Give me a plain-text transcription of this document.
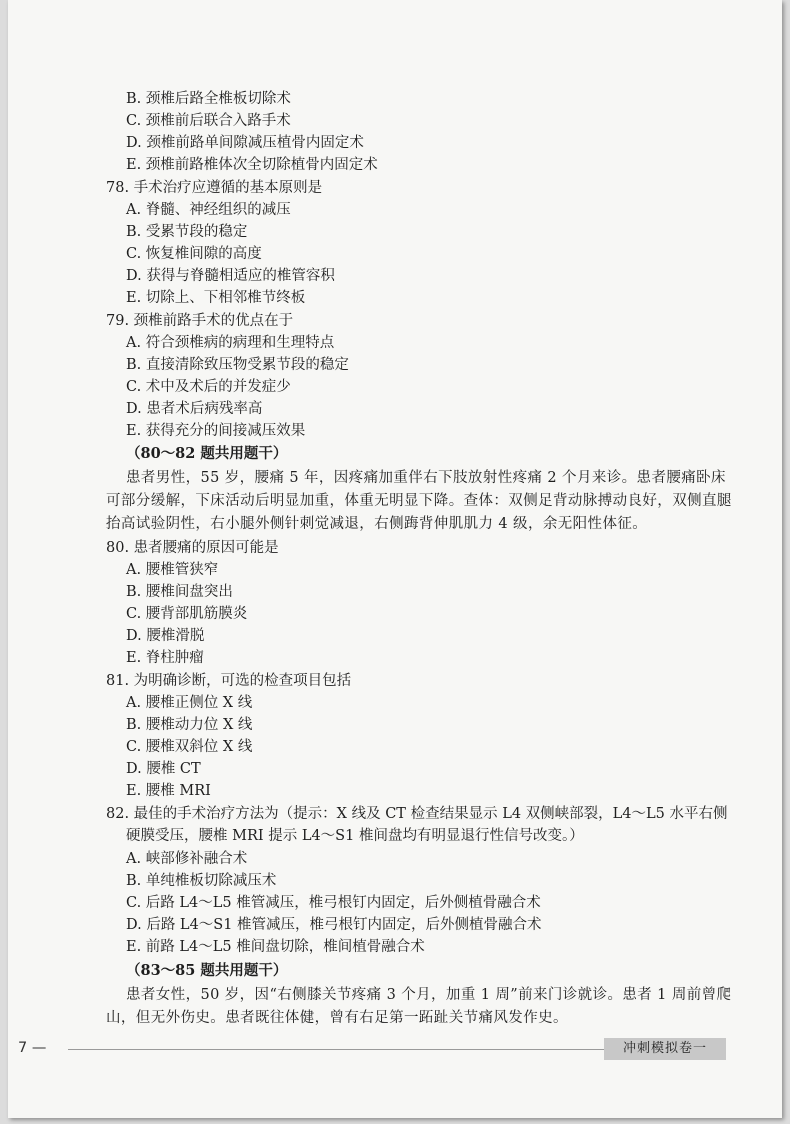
B. 颈椎后路全椎板切除术
C. 颈椎前后联合入路手术
D. 颈椎前路单间隙减压植骨内固定术
E. 颈椎前路椎体次全切除植骨内固定术
78. 手术治疗应遵循的基本原则是
A. 脊髓、神经组织的减压
B. 受累节段的稳定
C. 恢复椎间隙的高度
D. 获得与脊髓相适应的椎管容积
E. 切除上、下相邻椎节终板
79. 颈椎前路手术的优点在于
A. 符合颈椎病的病理和生理特点
B. 直接清除致压物受累节段的稳定
C. 术中及术后的并发症少
D. 患者术后病残率高
E. 获得充分的间接减压效果
（80～82 题共用题干）
患者男性，55 岁，腰痛 5 年，因疼痛加重伴右下肢放射性疼痛 2 个月来诊。患者腰痛卧床
可部分缓解，下床活动后明显加重，体重无明显下降。查体：双侧足背动脉搏动良好，双侧直腿
抬高试验阴性，右小腿外侧针刺觉减退，右侧踇背伸肌肌力 4 级，余无阳性体征。
80. 患者腰痛的原因可能是
A. 腰椎管狭窄
B. 腰椎间盘突出
C. 腰背部肌筋膜炎
D. 腰椎滑脱
E. 脊柱肿瘤
81. 为明确诊断，可选的检查项目包括
A. 腰椎正侧位 X 线
B. 腰椎动力位 X 线
C. 腰椎双斜位 X 线
D. 腰椎 CT
E. 腰椎 MRI
82. 最佳的手术治疗方法为（提示：X 线及 CT 检查结果显示 L4 双侧峡部裂，L4～L5 水平右侧
硬膜受压，腰椎 MRI 提示 L4～S1 椎间盘均有明显退行性信号改变。）
A. 峡部修补融合术
B. 单纯椎板切除减压术
C. 后路 L4～L5 椎管减压，椎弓根钉内固定，后外侧植骨融合术
D. 后路 L4～S1 椎管减压，椎弓根钉内固定，后外侧植骨融合术
E. 前路 L4～L5 椎间盘切除，椎间植骨融合术
（83～85 题共用题干）
患者女性，50 岁，因“右侧膝关节疼痛 3 个月，加重 1 周”前来门诊就诊。患者 1 周前曾爬
山，但无外伤史。患者既往体健，曾有右足第一跖趾关节痛风发作史。
7 —	冲刺模拟卷一
